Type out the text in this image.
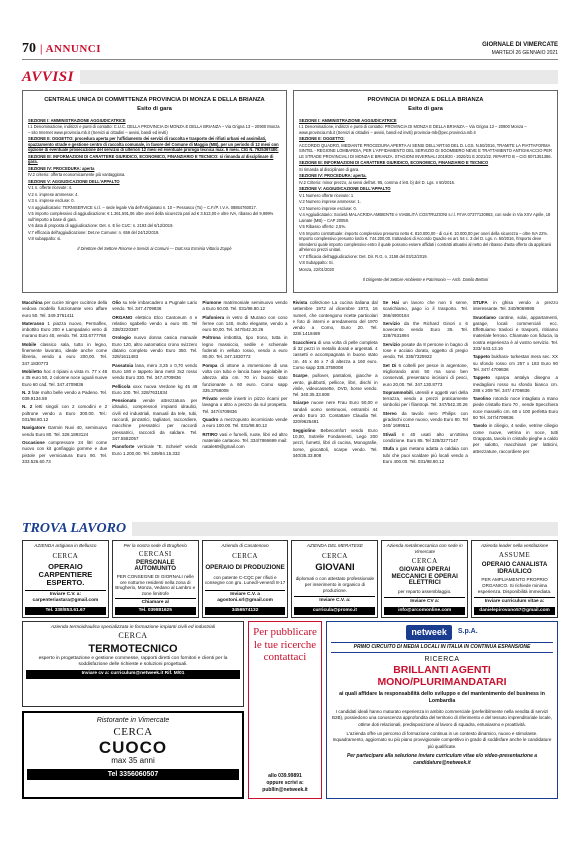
70
| ANNUNCI	GIORNALE DI VIMERCATE
MARTEDÌ 26 GENNAIO 2021
AVVISI
CENTRALE UNICA DI COMMITTENZA PROVINCIA DI MONZA E DELLA BRIANZA
Esito di gara

SEZIONE I: AMMINISTRAZIONE AGGIUDICATRICE

I.1 Denominazione, indirizzi e punti di contatto: C.U.C. DELLA PROVINCIA DI MONZA E DELLA BRIANZA – Via Grigna 13 – 20900 Monza – sito Internet www.provincia.mb.it (Servizi ai cittadini – avvisi, bandi ed inviti)

SEZIONE II: OGGETTO: procedura aperta per l'affidamento dei servizi di raccolta e trasporto dei rifiuti urbani ed assimilati, spazzamento strade e gestione centro di raccolta comunale, in favore del Comune di Maggio (MB), per un periodo di 12 mesi con opzione di eventuale prosecuzione del servizio di ulteriori 12 mesi ed eventuale proroga tecnica max. 6 mesi. CIG N. 7925397480.

SEZIONE III: INFORMAZIONI DI CARATTERE GIURIDICO, ECONOMICO, FINANZIARIO E TECNICO: si rimanda al disciplinare di gara.

SEZIONE IV: PROCEDURA: aperta

IV.2 criterio: offerta economicamente più vantaggiosa.

SEZIONE V: AGGIUDICAZIONE DELL'APPALTO

V.1 n. offerte ricevute: 4.

V.2 n. imprese ammesse: 4.

V.3 n. imprese escluse: 0.

V.4 aggiudicatario: TERNISERVICE s.r.l. – sede legale Via dell'Artigianato n. 10 – Pessasco (To) – C.F./P. I.V.A. 08854760017.

V.5 importo complessivo di aggiudicazione: € 1.361.591,06 oltre oneri della sicurezza pari ad € 3.513,00 e oltre IVA, ribasso del 9,999% sull'importo a base di gara.

V.6 data di proposta di aggiudicazione: Det. n. E lie CUC: n. 2193 del 6/12/2019.

V.7 efficacia dell'aggiudicazione: Det.ne Comune: n. 659 del 24/12/2019.

V.8 subappalto: si.

Il Direttore del Settore Risorse e Servizi ai Comuni — Dott.ssa Erminia Vittoria Zoppè
PROVINCIA DI MONZA E DELLA BRIANZA
Esito di gara

SEZIONE I: AMMINISTRAZIONE AGGIUDICATRICE

I.1 Denominazione, indirizzi e punti di contatto: PROVINCIA DI MONZA E DELLA BRIANZA – Via Grigna 13 – 20900 Monza – www.provincia.mb.it (Servizi ai cittadini – avvisi, bandi ed inviti) provincia-mb@pec.provincia.mb.it

SEZIONE II: OGGETTO:

ACCORDO QUADRO, MEDIANTE PROCEDURA APERTA AI SENSI DELL'ART.60 DEL D. LGS. N.50/2016, TRAMITE LA PIATTAFORMA SINTEL - REGIONE LOMBARDIA, PER L'AFFIDAMENTO DEL SERVIZIO DI SGOMBERO NEVE E TRATTAMENTO ANTIGHIACCIO PER LE STRADE PROVINCIALI DI MONZA E BRIANZA. STAGIONI INVERNALI 2019/20 - 2020/21 E 2021/22. RIPARTO B – CIG 8071351386.

SEZIONE III: INFORMAZIONI DI CARATTERE GIURIDICO, ECONOMICO, FINANZIARIO E TECNICO

Si rimanda al disciplinare di gara.

SEZIONE IV: PROCEDURA: aperta.

IV.2 Criterio: minor prezzo, ai sensi dell'art. 95, comma 4 lett. b) del D. Lgs. n 50/2016.

SEZIONE V: AGGIUDICAZIONE DELL'APPALTO

V.1 Numero offerte ricevute: 1

V.2 Numero imprese ammesse: 1.

V.3 Numero imprese escluse: 0.

V.4 Aggiudicatario: Società MALACRIDA AMBIENTE e VIABILITÀ COSTRUZIONI s.r.l. P.IVA 07377130963, con sede in Via XXV Aprile, 18 Lainate (MB) – CAP 20058.

V.5 Ribasso offerto: 2,5%.

V.6 Importo contrattuale: importo complessivo presunto netto €. 810.000,00 - di cui €. 10.000,00 per oneri della sicurezza – oltre IVA 22%. Importo complessivo presunto lordo €. 744.200,00. trattandosi di Accordo Quadro ex art. 54 c. 3 del D. Lgs. n. 50/2016, l'importo deve intendersi quale importo complessivo entro il quale possono essere affidati i contratti attuativi al netto del ribasso d'asta offerto da applicarsi all'elenco prezzi unitari.

V.7 Efficacia dell'aggiudicazione: Det. Dir. R.G. n. 2158 del 03/12/2019.

V.8 Subappalto: Si.

Monza, 22/01/2020

Il Dirigente del Settore Ambiente e Patrimonio — Arch. Danilo Bettoni

Macchina per cucire Singer cucitrice della vedova modello funzionante vero affare euro 50. Tel. 349.3761411

Materasso 1 piazza nuovo, Permaflex, imbottito Euro 200 e Lampadario vetro di murano Euro 40, vendo. Tel. 333.6777768

Mobile classico sala, tutto in legno, finemente lavorato, ideale anche come libreria, vendo a euro 200,00. Tel. 347.1830773

Mobiletto hoc 4 ripiani a vista m. 77 x 48 x 35 euro 50, 2 colonne noce uguali nuove Euro 60 cad. Tel. 347.4709836

N. 2 fate molto belle vendo a Padeno. Tel. 039.9134.59

N. 2 letti singoli con 2 comodini e 2 poltrone vendo a Euro 300.00. Tel.: 031/98.80.12

Navigatore Garmin Nuvi 40, seminuovo vendo Euro 80. Tel. 328.1893124

Occasione compressore 24 litri come nuovo con kit gonfiaggio gomme e due pistole per verniciatura Euro 90. Tel. 333.526.60.73

Olio su tele imbarcadero a Pugnale Lario vendo. Tel. 347.4709836

ORGANO elettrico Elco Cantonum 4 e relativo sgabello vendo a euro 80. Tel 338/3220387

Orologio nuovo donna casica manuale Euro 120, altro automatico crono svizzero datario completo vendo Euro 350. Tel. 328/1611483

Passatoia lana, mero 3,25 x 0,70 vendo Euro 180 e tappeto lana metri 3x2 rosso vendo Euro 330. Tel. 347.4709836

Pellicola xxxx nuova Verdone kg 45 48 Euro 100. Tel. 328/7631834

Pensionato vende attrezzatura per idraulici, compressori impianti idraulici, civili ed industriali, manuali da tele, tubi, raccordi, pinzatrici, tagliatori, raccordiere, macchine pressatrici per raccordi pressatrici, raccordi da saldare. Tel. 347.5582057

Pianoforte verticale "E. Scheiel" vendo Euro 1.200,00. Tel. 349/84.15.332

Piumone matrimoniale seminuovo vendo a Euro 50.00. Tel. 031/98.80.12

Plafoniera in vetro di Murano con cono ferree con 140, molto elegante, vendo a euro 50,00. Tel. 347/542.30.26

Poltrona imbottita, tipo trono, tutta in legno massiccio, sedile e schienale foderati in velluto rosso, vendo a euro 80,00. Tel. 347.1830773

Pompa di ottone a immersione di una volta con tubo e lancia base regolabile in altezza alta cm. 70 in buono stato funzionante a 60 euro. Como sapp 335.3758008

Privato vende inserti in pizzo ricami per lavagna o altro a prezzo da sul prospetto. Tel. 347/4709836

Quadro a mezzopunto incorniciato vende a euro 100.00. Tel. 031/98.80.12

RITIRO vasi e furnelli, ruote, libri ed altro materiale cartaceo. Tel. 334/7866699 mail: natale69@gmail.com

Rivista collezione La cucina italiana dal settembre 1972 al dicembre 1973, 16 numeri, che contengono ricette particolari e foto di interni e arredamento del 1970 vendo a Como, Euro 20. Tel. 328/.1418489

Scacchiera di una volta di pelle completa di 32 pezzi in metallo dorati e argentati. 4 cassetti e accompagnata in buono stato cm. 46 x 46 x 7 di altezza a 160 euro. Como sapp 335.3758008

Scarpe, pullover, pantaloni, giacche a vento, giubbotti, pellicce, libri, dischi in vinile, videocassette, DVD, borse vendo. Tel. 340.35.33.808

Sciarpe nuove nere Frau Euro 50,00 e sandali uomo seminuovi, entrambi 44 vendo Euro 10. Contattare Claudia Tel. 320/9625481

Seggiolino Bebecomfort vendo Euro 10,00, Sotrelle Fondamenti, Lego 200 pezzi, fumetti, libri di cucina, Monografie, borse, giocattoli, scarpe vendo. Tel. 340/35.33.808

Se Hai un lavoro che non ti serve, scarichiamo, pago io il trasporto. Tel. 366/4900184

Servizio da the Richard Ginori x 6 novecento vendo Euro 35. Tel. 328/7631894

Servizio posate da 8 persone in bagno di rose e acciaio dorato, oggetto di pregio vendo. Tel. 335/7325922

Set Di 6 coltelli per pesce in argentone, migliorando anni 50 ma sono ben conservati, presentano incisioni di pesci, euro 20,00. Tel. 347.130.8773

Soprammobili, utensili e oggetti vari della terrazza, vendo a prezzi praticamente simbolici per i filantropi. Tel. 347/542.30.26

Stereo da tavolo nero Philips con giradischi come nuovo, vendo Euro 80. Tel 340/ 1699511

Stivali n 40 usati alto un'ottima condizione. Euro 85. Tel 328/3277147

Stufa a gas metano adatta a caldaia con tubi che puoi scaldare più locali vendo a Euro 400.00. Tel. 031/98.80.12

STUFA in ghisa vendo a prezzo interessante. Tel. 340/9069995

Svuotiamo cantine, solai, appartamenti, garage, locali commerciali ecc. Effettuiamo trasloci e trasporti, ritiriamo materiale ferroso. Chiamate con fiducia, la nostra esperienza è al vostro servizio. Tel. 333/ 643.13.16

Tappeto bukhara- turkestan mera sec. XX su sfondo rosso cm 257 x 183 Euro 90 Tel. 347/ 4709836

Tappeto sparpa antalya disegno a medaglioni rosso su sfondo bianco cm. 288 x 209 Tel. 347/ 4709836

Tavolino rotondo noce intagliato a mano piede cristallo Euro 70 , vende Specchiera noce massello cm. 60 x 100 perfetta Euro 50 Tel. 347/4709836

Tavolo in ciliegio, 4 sedie, vetrine ciliegio come nuove, vetrina in noce, tutti Grappota, tavolo in cristallo pieghe a caldo per salotto, macchinari per latticini, attrezzature, raccordiere per

TROVA LAVORO
AZIENDA artigiana in Bellusco
CERCA
OPERAIO CARPENTIERE ESPERTO.
Inviare C.V. a:
carpenteriastara@gmail.com
Tel. 338/853.61.67
Per la nostra sede di Brugherio
CERCASI
PERSONALE AUTOMUNITO
PER CONSEGNE DI GIORNALI nelle ore notturne residenti nella zona di Brugherio, Monza, Vedano al Lambro e zone limitrofe
Chiamare al
Tel. 039881625
Azienda di Casatenovo
CERCA
OPERAIO DI PRODUZIONE
con patente C-CQC per rifiuti e consegne con gru. Lunedì-venerdì 8-17
Inviare C.V. a
agostoni.srl@gmail.com
3456574132
AZIENDA DEL MERATESE
CERCA
GIOVANI
diplomati o con attestato professionale per inserimento in organico di produzione.
Inviare C.V. a:
curricula@promo.it
Azienda metalmeccanica con sede in Vimercate
CERCA
GIOVANI OPERAI MECCANICI E OPERAI ELETTRICI
per reparto assemblaggio.
Inviare CV a:
info@arcomonline.com
Azienda leader nella ventilazione
ASSUME
OPERAIO CANALISTA IDRAULICO
PER AMPLIAMENTO PROPRIO ORGANICO. Si richiede minima esperienza. Disponibilità immediata.
Inviare curriculum vitae a:
danielepirovano57@gmail.com
Azienda termoidraulica specializzata in formazione impianti civili ed industriali
CERCA
TERMOTECNICO
esperto in progettazione e gestione commesse, rapporti diretti con fornitori e clienti per la soddisfazione delle richieste e soluzioni progettuali.
Inviare cv a: curriculum@netweek.it Rif. M/01
Ristorante in Vimercate
CERCA
CUOCO
max 35 anni
Tel 3356060507
Per pubblicare le tue ricerche contattaci
allo 039.99891
oppure scrivi a:
publlin@netweek.it
netweek	S.p.A.
PRIMO CIRCUITO DI MEDIA LOCALI IN ITALIA IN CONTINUA ESPANSIONE
RICERCA
BRILLANTI AGENTI MONO/PLURIMANDATARI
ai quali affidare la responsabilità dello sviluppo e del mantenimento del business in Lombardia

I candidati ideali hanno maturato esperienza in ambito commerciale (preferibilmente nella vendita di servizi B2B), possiedono una conoscenza approfondita del territorio di riferimento e del tessuto imprenditoriale locale, ottime doti relazionali, predisposizione al lavoro di squadra, entusiasmo e proattività.

L'azienda offre un percorso di formazione continua in un contesto dinamico, nuovo e stimolante. Inquadramento, aggiornato su più piano provvigionale competitivo in grado di soddisfare anche le candidature più qualificate.

Per partecipare alla selezione inviare curriculum vitae e/o video-presentazione a
candidature@netweek.it
